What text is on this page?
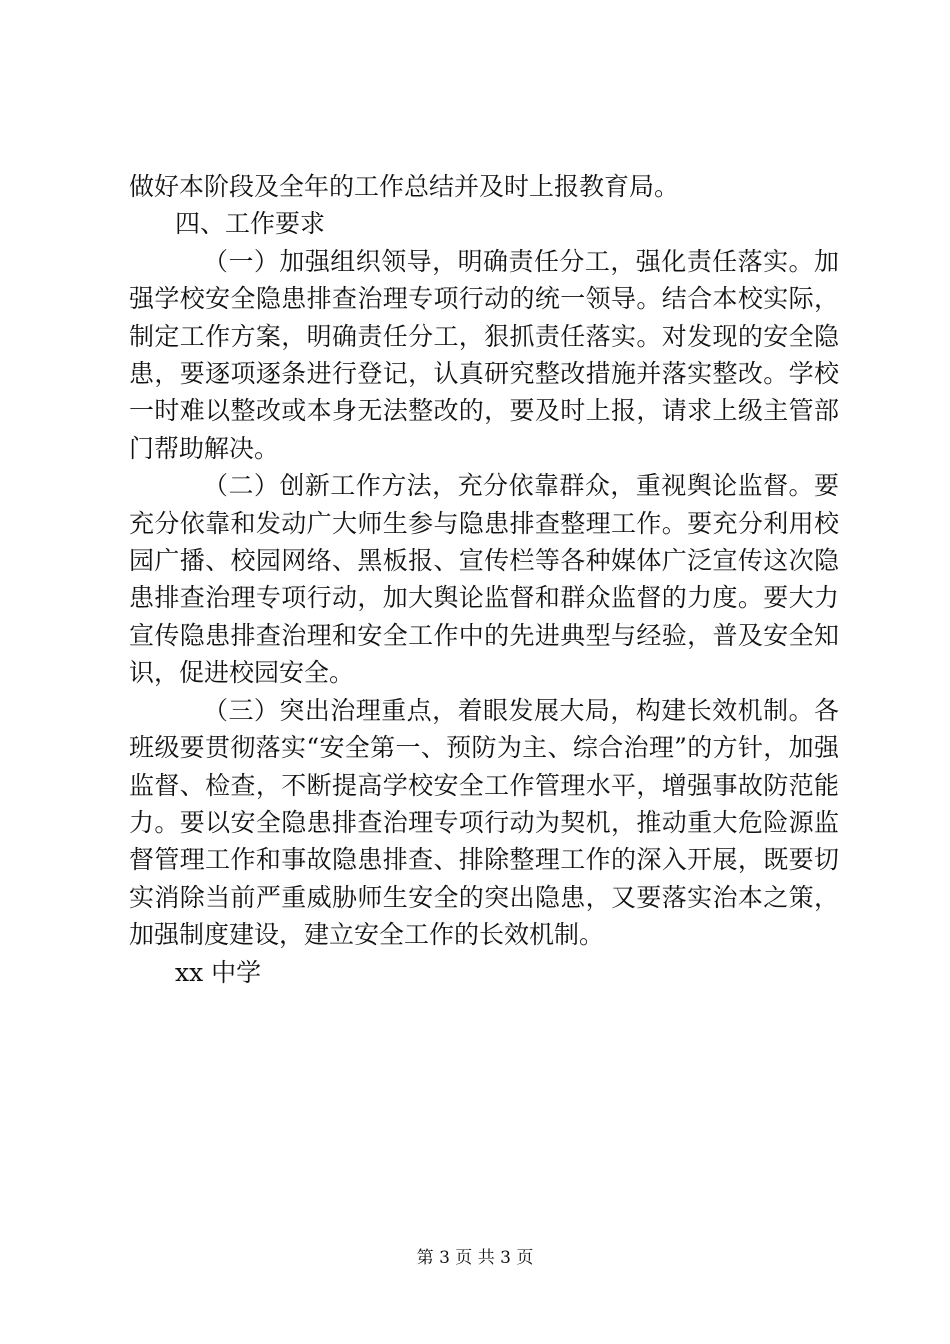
做好本阶段及全年的工作总结并及时上报教育局。

四、工作要求

（一）加强组织领导，明确责任分工，强化责任落实。加强学校安全隐患排查治理专项行动的统一领导。结合本校实际，制定工作方案，明确责任分工，狠抓责任落实。对发现的安全隐患，要逐项逐条进行登记，认真研究整改措施并落实整改。学校一时难以整改或本身无法整改的，要及时上报，请求上级主管部门帮助解决。

（二）创新工作方法，充分依靠群众，重视舆论监督。要充分依靠和发动广大师生参与隐患排查整理工作。要充分利用校园广播、校园网络、黑板报、宣传栏等各种媒体广泛宣传这次隐患排查治理专项行动，加大舆论监督和群众监督的力度。要大力宣传隐患排查治理和安全工作中的先进典型与经验，普及安全知识，促进校园安全。

（三）突出治理重点，着眼发展大局，构建长效机制。各班级要贯彻落实“安全第一、预防为主、综合治理”的方针，加强监督、检查，不断提高学校安全工作管理水平，增强事故防范能力。要以安全隐患排查治理专项行动为契机，推动重大危险源监督管理工作和事故隐患排查、排除整理工作的深入开展，既要切实消除当前严重威胁师生安全的突出隐患，又要落实治本之策，加强制度建设，建立安全工作的长效机制。

xx 中学

第 3 页 共 3 页
